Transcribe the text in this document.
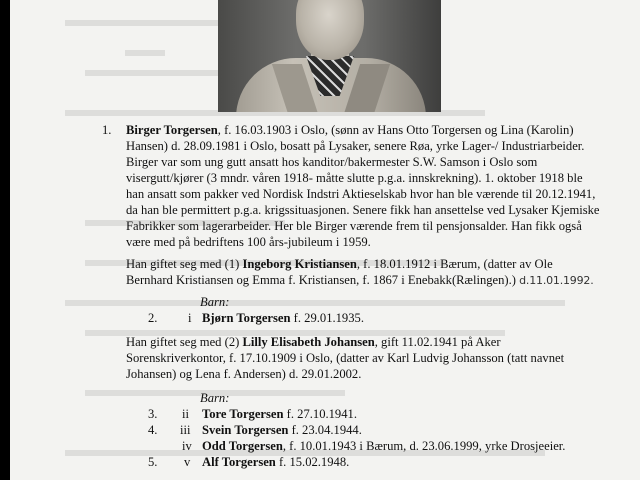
1. Birger Torgersen, f. 16.03.1903 i Oslo, (sønn av Hans Otto Torgersen og Lina (Karolin)
Hansen) d. 28.09.1981 i Oslo, bosatt på Lysaker, senere Røa, yrke Lager-/ Industriarbeider.
Birger var som ung gutt ansatt hos kanditor/bakermester S.W. Samson i Oslo som
visergutt/kjører (3 mndr. våren 1918- måtte slutte p.g.a. innskrekning). 1. oktober 1918 ble
han ansatt som pakker ved Nordisk Indstri Aktieselskab hvor han ble værende til 20.12.1941,
da han ble permittert p.g.a. krigssituasjonen. Senere fikk han ansettelse ved Lysaker Kjemiske
Fabrikker som lagerarbeider. Her ble Birger værende frem til pensjonsalder. Han fikk også
være med på bedriftens 100 års-jubileum i 1959.
Han giftet seg med (1) Ingeborg Kristiansen, f. 18.01.1912 i Bærum, (datter av Ole
Bernhard Kristiansen og Emma f. Kristiansen, f. 1867 i Enebakk(Rælingen).) d.11.01.1992.
Barn:
2. i Bjørn Torgersen f. 29.01.1935.
Han giftet seg med (2) Lilly Elisabeth Johansen, gift 11.02.1941 på Aker
Sorenskriverkontor, f. 17.10.1909 i Oslo, (datter av Karl Ludvig Johansson (tatt navnet
Johansen) og Lena f. Andersen) d. 29.01.2002.
Barn:
3. ii Tore Torgersen f. 27.10.1941.
4. iii Svein Torgersen f. 23.04.1944.
iv Odd Torgersen, f. 10.01.1943 i Bærum, d. 23.06.1999, yrke Drosjeeier.
5. v Alf Torgersen f. 15.02.1948.
